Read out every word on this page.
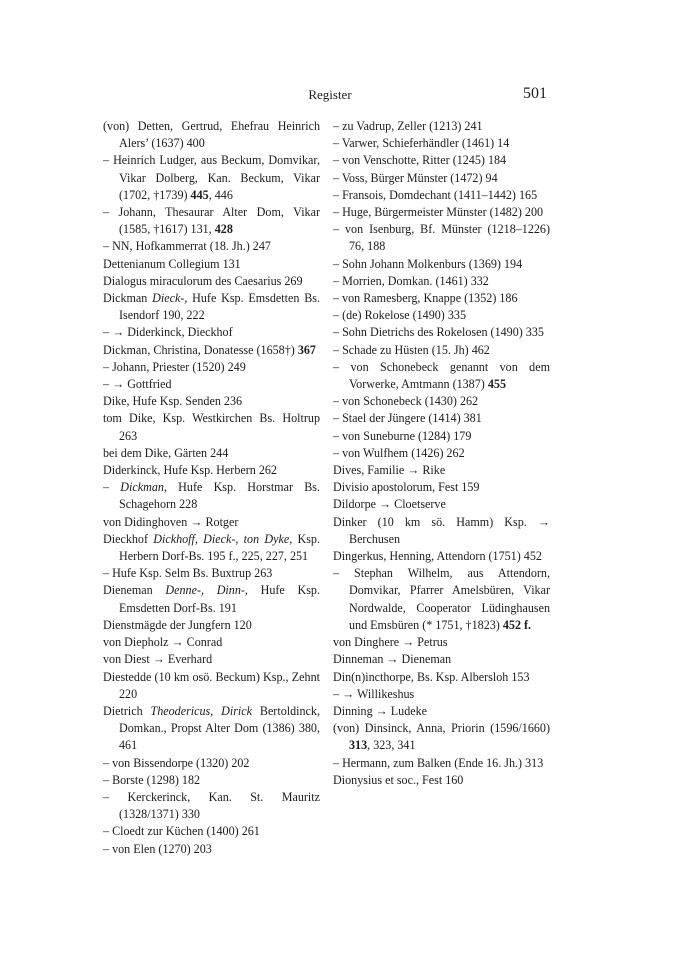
Register	501
(von) Detten, Gertrud, Ehefrau Heinrich Alers’ (1637) 400
– Heinrich Ludger, aus Beckum, Domvikar, Vikar Dolberg, Kan. Beckum, Vikar (1702, †1739) 445, 446
– Johann, Thesaurar Alter Dom, Vikar (1585, †1617) 131, 428
– NN, Hofkammerrat (18. Jh.) 247
Dettenianum Collegium 131
Dialogus miraculorum des Caesarius 269
Dickman Dieck-, Hufe Ksp. Emsdetten Bs. Isendorf 190, 222
– → Diderkinck, Dieckhof
Dickman, Christina, Donatesse (1658†) 367
– Johann, Priester (1520) 249
– → Gottfried
Dike, Hufe Ksp. Senden 236
tom Dike, Ksp. Westkirchen Bs. Holtrup 263
bei dem Dike, Gärten 244
Diderkinck, Hufe Ksp. Herbern 262
– Dickman, Hufe Ksp. Horstmar Bs. Schagehorn 228
von Didinghoven → Rotger
Dieckhof Dickhoff, Dieck-, ton Dyke, Ksp. Herbern Dorf-Bs. 195 f., 225, 227, 251
– Hufe Ksp. Selm Bs. Buxtrup 263
Dieneman Denne-, Dinn-, Hufe Ksp. Emsdetten Dorf-Bs. 191
Dienstmägde der Jungfern 120
von Diepholz → Conrad
von Diest → Everhard
Diestedde (10 km osö. Beckum) Ksp., Zehnt 220
Dietrich Theodericus, Dirick Bertoldinck, Domkan., Propst Alter Dom (1386) 380, 461
– von Bissendorpe (1320) 202
– Borste (1298) 182
– Kerckerinck, Kan. St. Mauritz (1328/1371) 330
– Cloedt zur Küchen (1400) 261
– von Elen (1270) 203
– zu Vadrup, Zeller (1213) 241
– Varwer, Schieferhändler (1461) 14
– von Venschotte, Ritter (1245) 184
– Voss, Bürger Münster (1472) 94
– Fransois, Domdechant (1411–1442) 165
– Huge, Bürgermeister Münster (1482) 200
– von Isenburg, Bf. Münster (1218–1226) 76, 188
– Sohn Johann Molkenburs (1369) 194
– Morrien, Domkan. (1461) 332
– von Ramesberg, Knappe (1352) 186
– (de) Rokelose (1490) 335
– Sohn Dietrichs des Rokelosen (1490) 335
– Schade zu Hüsten (15. Jh) 462
– von Schonebeck genannt von dem Vorwerke, Amtmann (1387) 455
– von Schonebeck (1430) 262
– Stael der Jüngere (1414) 381
– von Suneburne (1284) 179
– von Wulfhem (1426) 262
Dives, Familie → Rike
Divisio apostolorum, Fest 159
Dildorpe → Cloetserve
Dinker (10 km sö. Hamm) Ksp. → Berchusen
Dingerkus, Henning, Attendorn (1751) 452
– Stephan Wilhelm, aus Attendorn, Domvikar, Pfarrer Amelsbüren, Vikar Nordwalde, Cooperator Lüdinghausen und Emsbüren (* 1751, †1823) 452 f.
von Dinghere → Petrus
Dinneman → Dieneman
Din(n)incthorpe, Bs. Ksp. Albersloh 153
– → Willikeshus
Dinning → Ludeke
(von) Dinsinck, Anna, Priorin (1596/1660) 313, 323, 341
– Hermann, zum Balken (Ende 16. Jh.) 313
Dionysius et soc., Fest 160
